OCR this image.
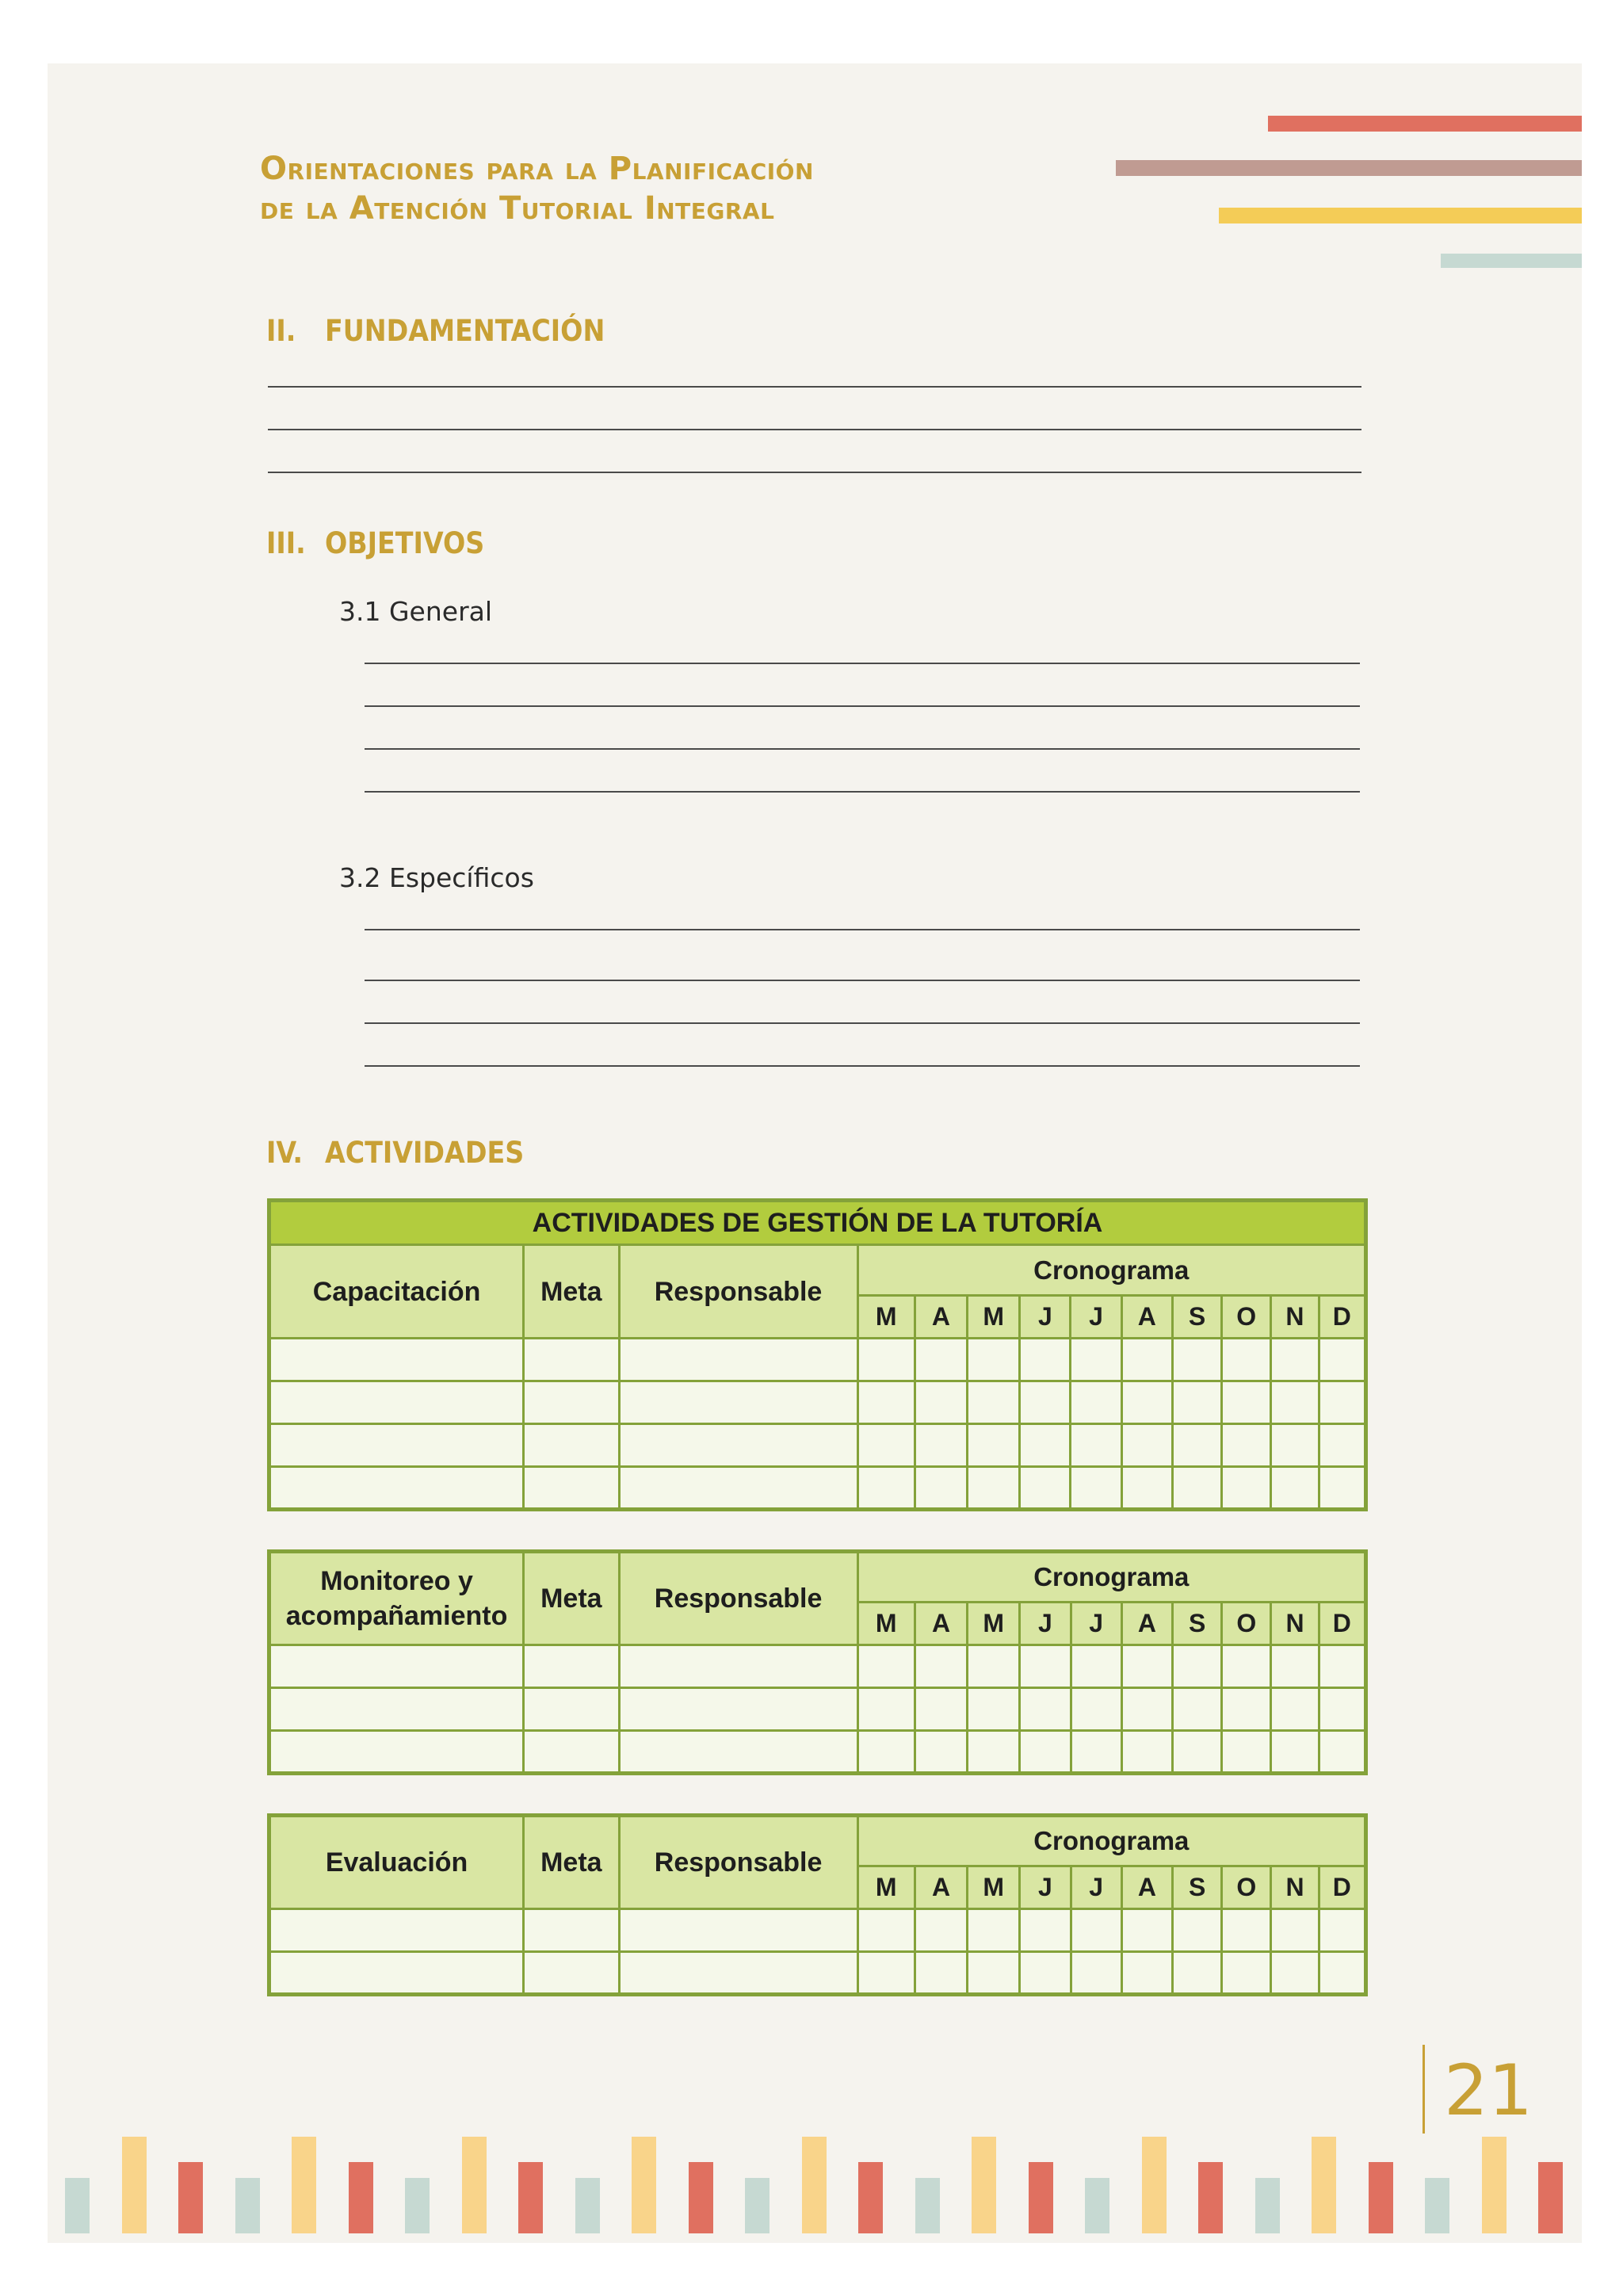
Orientaciones para la Planificación
de la Atención Tutorial Integral
II. FUNDAMENTACIÓN
III. OBJETIVOS
3.1 General
3.2 Específicos
IV. ACTIVIDADES
ACTIVIDADES DE GESTIÓN DE LA TUTORÍA												
Capacitación	Meta	Responsable	Cronograma									
			M	A	M	J	J	A	S	O	N	D

Monitoreo y acompañamiento	Meta	Responsable	Cronograma									
			M	A	M	J	J	A	S	O	N	D

Evaluación	Meta	Responsable	Cronograma									
			M	A	M	J	J	A	S	O	N	D

21
